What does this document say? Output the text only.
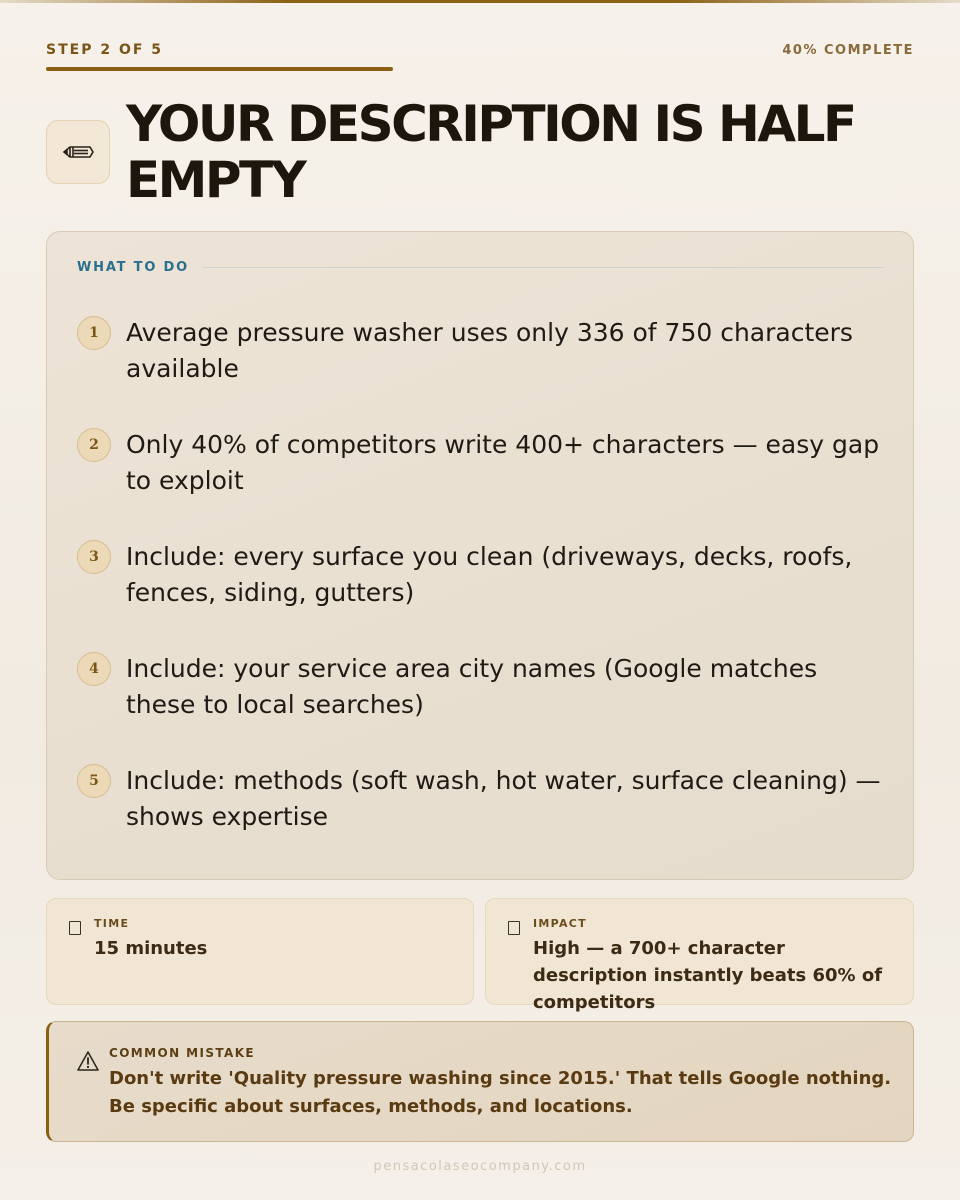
STEP 2 OF 5	40% COMPLETE
YOUR DESCRIPTION IS HALF EMPTY
WHAT TO DO
1	Average pressure washer uses only 336 of 750 characters available
2	Only 40% of competitors write 400+ characters — easy gap to exploit
3	Include: every surface you clean (driveways, decks, roofs, fences, siding, gutters)
4	Include: your service area city names (Google matches these to local searches)
5	Include: methods (soft wash, hot water, surface cleaning) — shows expertise
TIME
15 minutes
IMPACT
High — a 700+ character description instantly beats 60% of competitors
COMMON MISTAKE
Don't write 'Quality pressure washing since 2015.' That tells Google nothing. Be specific about surfaces, methods, and locations.
pensacolaseocompany.com
